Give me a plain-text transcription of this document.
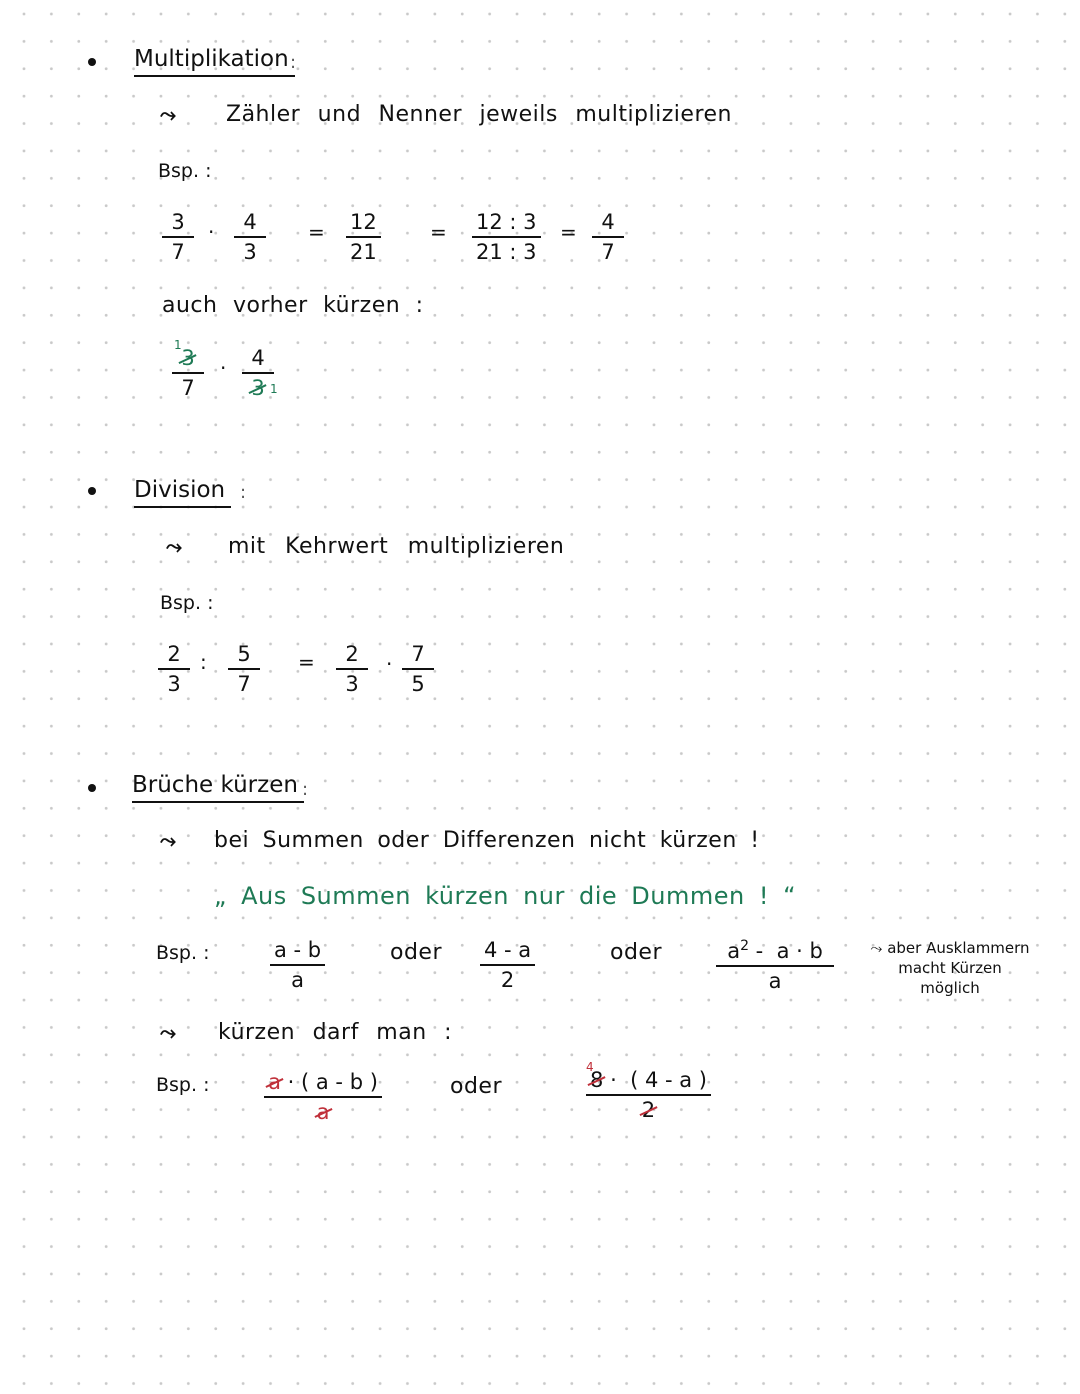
Multiplikation :
⤳ Zähler und Nenner jeweils multiplizieren
Bsp. :
$\frac{3}{7} \cdot \frac{4}{3} = \frac{12}{21} = \frac{12 : 3}{21 : 3} = \frac{4}{7}$
auch vorher kürzen :
$\frac{3}{7}$
1
· $\frac{4}{3}$
1
Division :
⤳ mit Kehrwert multiplizieren
Bsp. :
$\frac{2}{3}$ : $\frac{5}{7} = \frac{2}{3} \cdot \frac{7}{5}$
Brüche kürzen :
⤳ bei Summen oder Differenzen nicht kürzen !
„ Aus Summen kürzen nur die Dummen ! “
Bsp. :	$\frac{a - b}{a}$	oder $\frac{4 - a}{2}$	oder	$\frac{a^2 - a \cdot b}{a}$	⤳ aber Ausklammern
macht Kürzen
möglich
⤳ kürzen darf man :
Bsp. :	$\frac{a \cdot ( a - b )}{a}$	oder	$\frac{8 \cdot ( 4 - a )}{2}$
4
